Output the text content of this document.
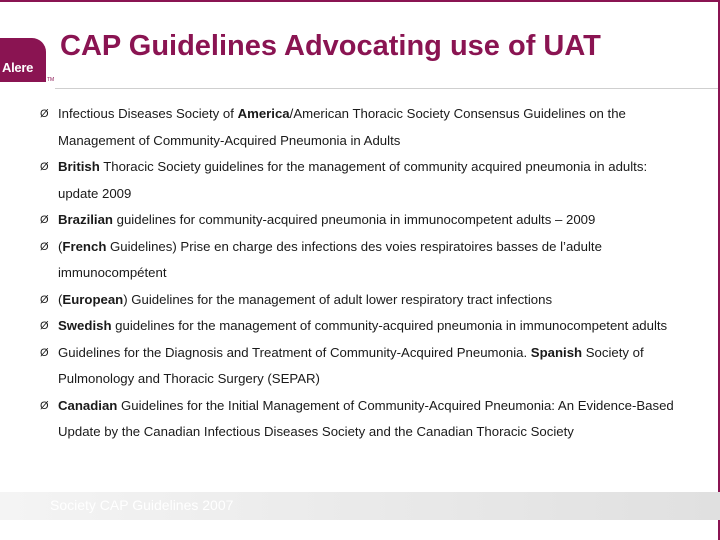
Alere
TM
CAP Guidelines Advocating use of UAT
Ø Infectious Diseases Society of America/American Thoracic Society Consensus Guidelines on the Management of Community-Acquired Pneumonia in Adults
Ø British Thoracic Society guidelines for the management of community acquired pneumonia in adults: update 2009
Ø Brazilian guidelines for community-acquired pneumonia in immunocompetent adults – 2009
Ø (French Guidelines) Prise en charge des infections des voies respiratoires basses de l’adulte immunocompétent
Ø (European) Guidelines for the management of adult lower respiratory tract infections
Ø Swedish guidelines for the management of community-acquired pneumonia in immunocompetent adults
Ø Guidelines for the Diagnosis and Treatment of Community-Acquired Pneumonia. Spanish Society of Pulmonology and Thoracic Surgery (SEPAR)
Ø Canadian Guidelines for the Initial Management of Community-Acquired Pneumonia: An Evidence-Based Update by the Canadian Infectious Diseases Society and the Canadian Thoracic Society
Society CAP Guidelines 2007
